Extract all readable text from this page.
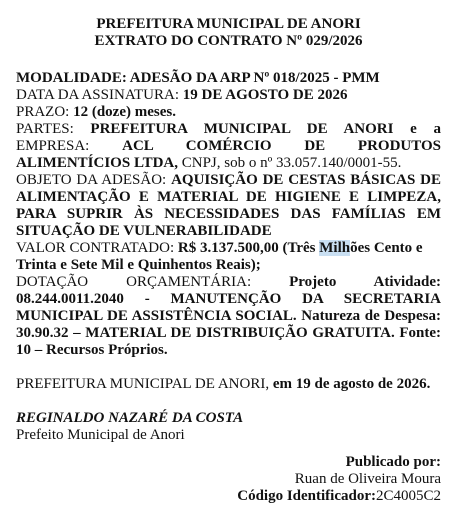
PREFEITURA MUNICIPAL DE ANORI
EXTRATO DO CONTRATO Nº 029/2026
MODALIDADE: ADESÃO DA ARP Nº 018/2025 - PMM
DATA DA ASSINATURA: 19 DE AGOSTO DE 2026
PRAZO: 12 (doze) meses.
PARTES: PREFEITURA MUNICIPAL DE ANORI e a
EMPRESA: ACL COMÉRCIO DE PRODUTOS
ALIMENTÍCIOS LTDA, CNPJ, sob o nº 33.057.140/0001-55.
OBJETO DA ADESÃO: AQUISIÇÃO DE CESTAS BÁSICAS DE
ALIMENTAÇÃO E MATERIAL DE HIGIENE E LIMPEZA,
PARA SUPRIR ÀS NECESSIDADES DAS FAMÍLIAS EM
SITUAÇÃO DE VULNERABILIDADE
VALOR CONTRATADO: R$ 3.137.500,00 (Três Milhões Cento e
Trinta e Sete Mil e Quinhentos Reais);
DOTAÇÃO ORÇAMENTÁRIA: Projeto Atividade:
08.244.0011.2040 - MANUTENÇÃO DA SECRETARIA
MUNICIPAL DE ASSISTÊNCIA SOCIAL. Natureza de Despesa:
30.90.32 – MATERIAL DE DISTRIBUIÇÃO GRATUITA. Fonte:
10 – Recursos Próprios.
PREFEITURA MUNICIPAL DE ANORI, em 19 de agosto de 2026.
REGINALDO NAZARÉ DA COSTA
Prefeito Municipal de Anori
Publicado por:
Ruan de Oliveira Moura
Código Identificador:2C4005C2
